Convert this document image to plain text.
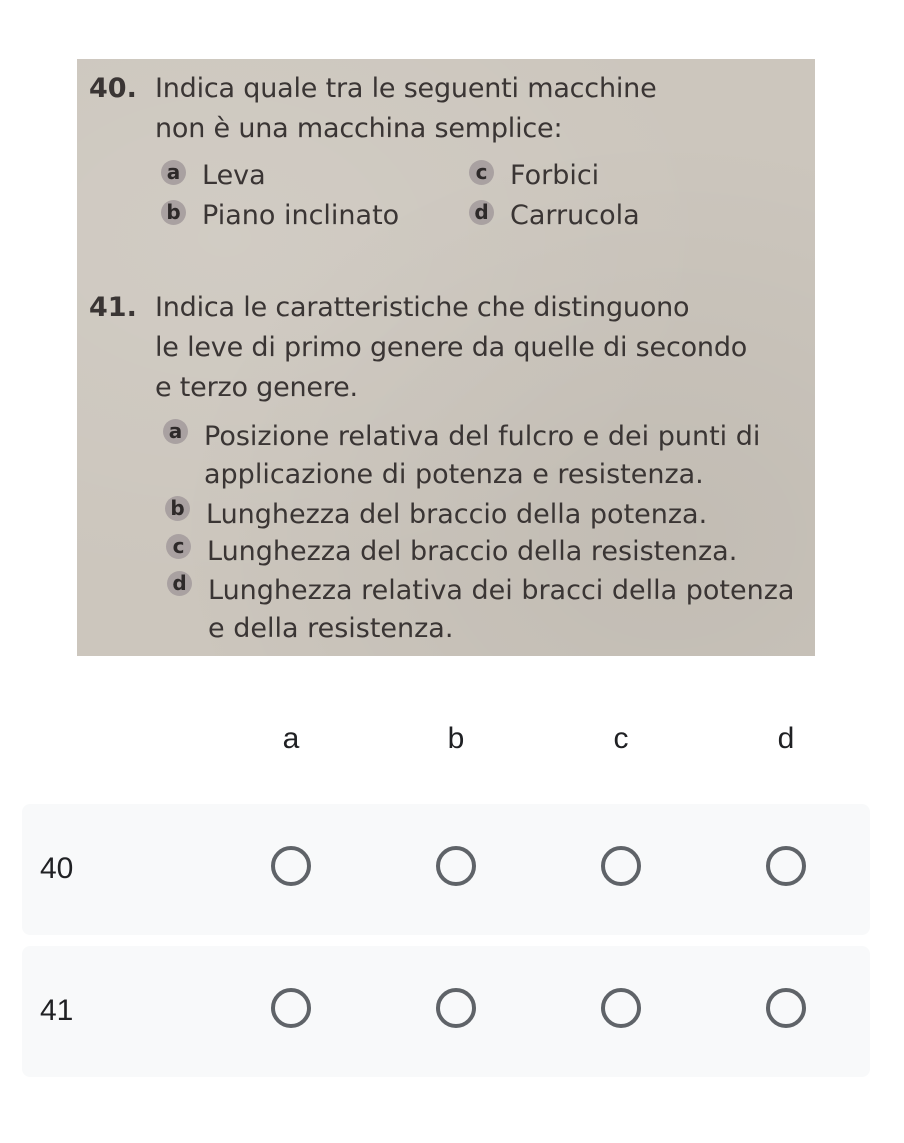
40. Indica quale tra le seguenti macchine
non è una macchina semplice:
a Leva
b Piano inclinato
c Forbici
d Carrucola
41. Indica le caratteristiche che distinguono
le leve di primo genere da quelle di secondo
e terzo genere.
a Posizione relativa del fulcro e dei punti di
applicazione di potenza e resistenza.
b Lunghezza del braccio della potenza.
c Lunghezza del braccio della resistenza.
d Lunghezza relativa dei bracci della potenza
e della resistenza.
a	b	c	d
40
41
